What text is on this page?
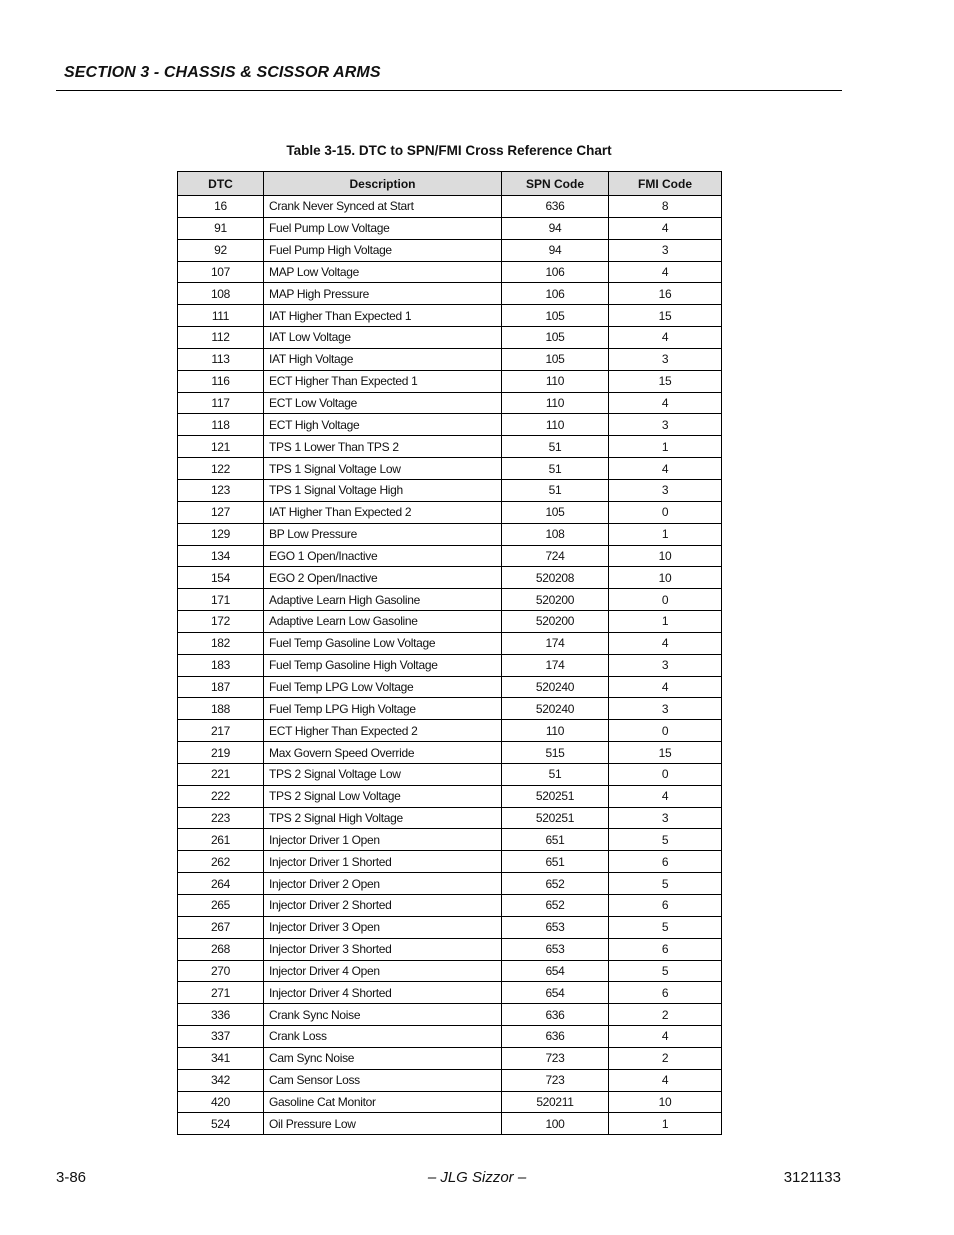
SECTION 3 - CHASSIS & SCISSOR ARMS
Table 3-15. DTC to SPN/FMI Cross Reference Chart
DTC	Description	SPN Code	FMI Code
16	Crank Never Synced at Start	636	8
91	Fuel Pump Low Voltage	94	4
92	Fuel Pump High Voltage	94	3
107	MAP Low Voltage	106	4
108	MAP High Pressure	106	16
111	IAT Higher Than Expected 1	105	15
112	IAT Low Voltage	105	4
113	IAT High Voltage	105	3
116	ECT Higher Than Expected 1	110	15
117	ECT Low Voltage	110	4
118	ECT High Voltage	110	3
121	TPS 1 Lower Than TPS 2	51	1
122	TPS 1 Signal Voltage Low	51	4
123	TPS 1 Signal Voltage High	51	3
127	IAT Higher Than Expected 2	105	0
129	BP Low Pressure	108	1
134	EGO 1 Open/Inactive	724	10
154	EGO 2 Open/Inactive	520208	10
171	Adaptive Learn High Gasoline	520200	0
172	Adaptive Learn Low Gasoline	520200	1
182	Fuel Temp Gasoline Low Voltage	174	4
183	Fuel Temp Gasoline High Voltage	174	3
187	Fuel Temp LPG Low Voltage	520240	4
188	Fuel Temp LPG High Voltage	520240	3
217	ECT Higher Than Expected 2	110	0
219	Max Govern Speed Override	515	15
221	TPS 2 Signal Voltage Low	51	0
222	TPS 2 Signal Low Voltage	520251	4
223	TPS 2 Signal High Voltage	520251	3
261	Injector Driver 1 Open	651	5
262	Injector Driver 1 Shorted	651	6
264	Injector Driver 2 Open	652	5
265	Injector Driver 2 Shorted	652	6
267	Injector Driver 3 Open	653	5
268	Injector Driver 3 Shorted	653	6
270	Injector Driver 4 Open	654	5
271	Injector Driver 4 Shorted	654	6
336	Crank Sync Noise	636	2
337	Crank Loss	636	4
341	Cam Sync Noise	723	2
342	Cam Sensor Loss	723	4
420	Gasoline Cat Monitor	520211	10
524	Oil Pressure Low	100	1
3-86	– JLG Sizzor –	3121133
